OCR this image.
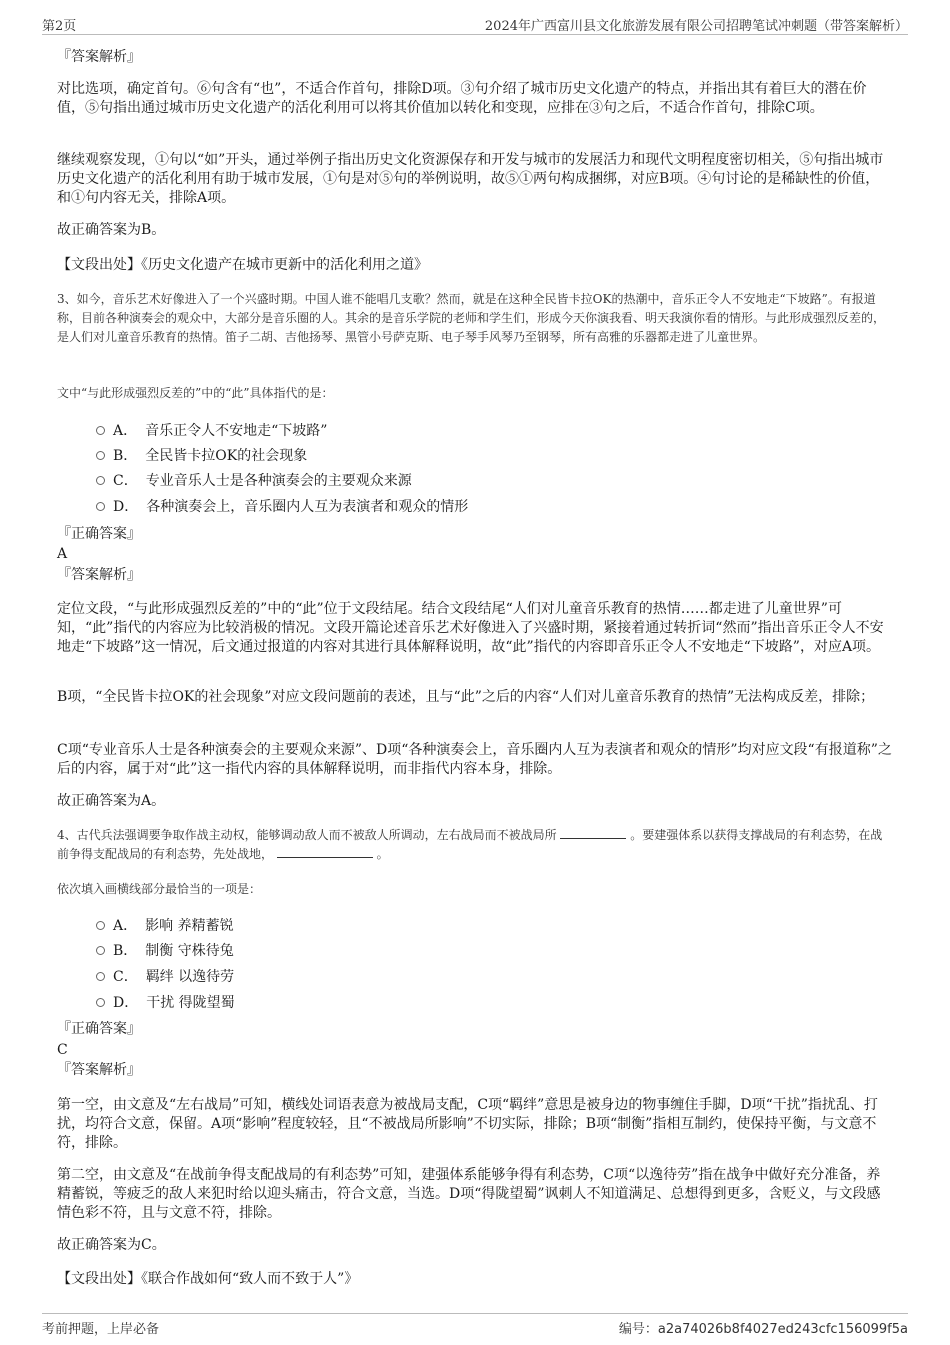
第2页	2024年广西富川县文化旅游发展有限公司招聘笔试冲刺题（带答案解析）
『答案解析』
对比选项，确定首句。⑥句含有“也”，不适合作首句，排除D项。③句介绍了城市历史文化遗产的特点，并指出其有着巨大的潜在价值，⑤句指出通过城市历史文化遗产的活化利用可以将其价值加以转化和变现，应排在③句之后，不适合作首句，排除C项。
继续观察发现，①句以“如”开头，通过举例子指出历史文化资源保存和开发与城市的发展活力和现代文明程度密切相关，⑤句指出城市历史文化遗产的活化利用有助于城市发展，①句是对⑤句的举例说明，故⑤①两句构成捆绑，对应B项。④句讨论的是稀缺性的价值，和①句内容无关，排除A项。
故正确答案为B。
【文段出处】《历史文化遗产在城市更新中的活化利用之道》
3、如今，音乐艺术好像进入了一个兴盛时期。中国人谁不能唱几支歌？然而，就是在这种全民皆卡拉OK的热潮中，音乐正令人不安地走“下坡路”。有报道称，目前各种演奏会的观众中，大部分是音乐圈的人。其余的是音乐学院的老师和学生们，形成今天你演我看、明天我演你看的情形。与此形成强烈反差的，是人们对儿童音乐教育的热情。笛子二胡、吉他扬琴、黑管小号萨克斯、电子琴手风琴乃至钢琴，所有高雅的乐器都走进了儿童世界。
文中“与此形成强烈反差的”中的“此”具体指代的是：
A． 音乐正令人不安地走“下坡路”
B． 全民皆卡拉OK的社会现象
C． 专业音乐人士是各种演奏会的主要观众来源
D． 各种演奏会上，音乐圈内人互为表演者和观众的情形
『正确答案』
A
『答案解析』
定位文段，“与此形成强烈反差的”中的“此”位于文段结尾。结合文段结尾“人们对儿童音乐教育的热情……都走进了儿童世界”可知，“此”指代的内容应为比较消极的情况。文段开篇论述音乐艺术好像进入了兴盛时期，紧接着通过转折词“然而”指出音乐正令人不安地走“下坡路”这一情况，后文通过报道的内容对其进行具体解释说明，故“此”指代的内容即音乐正令人不安地走“下坡路”，对应A项。
B项，“全民皆卡拉OK的社会现象”对应文段问题前的表述，且与“此”之后的内容“人们对儿童音乐教育的热情”无法构成反差，排除；
C项“专业音乐人士是各种演奏会的主要观众来源”、D项“各种演奏会上，音乐圈内人互为表演者和观众的情形”均对应文段“有报道称”之后的内容，属于对“此”这一指代内容的具体解释说明，而非指代内容本身，排除。
故正确答案为A。
4、古代兵法强调要争取作战主动权，能够调动敌人而不被敌人所调动，左右战局而不被战局所	。要建强体系以获得支撑战局的有利态势，在战前争得支配战局的有利态势，先处战地，	。
依次填入画横线部分最恰当的一项是：
A． 影响 养精蓄锐
B． 制衡 守株待兔
C． 羁绊 以逸待劳
D． 干扰 得陇望蜀
『正确答案』
C
『答案解析』
第一空，由文意及“左右战局”可知，横线处词语表意为被战局支配，C项“羁绊”意思是被身边的物事缠住手脚，D项“干扰”指扰乱、打扰，均符合文意，保留。A项“影响”程度较轻，且“不被战局所影响”不切实际，排除；B项“制衡”指相互制约，使保持平衡，与文意不符，排除。
第二空，由文意及“在战前争得支配战局的有利态势”可知，建强体系能够争得有利态势，C项“以逸待劳”指在战争中做好充分准备，养精蓄锐，等疲乏的敌人来犯时给以迎头痛击，符合文意，当选。D项“得陇望蜀”讽刺人不知道满足、总想得到更多，含贬义，与文段感情色彩不符，且与文意不符，排除。
故正确答案为C。
【文段出处】《联合作战如何“致人而不致于人”》
考前押题，上岸必备	编号：a2a74026b8f4027ed243cfc156099f5a
